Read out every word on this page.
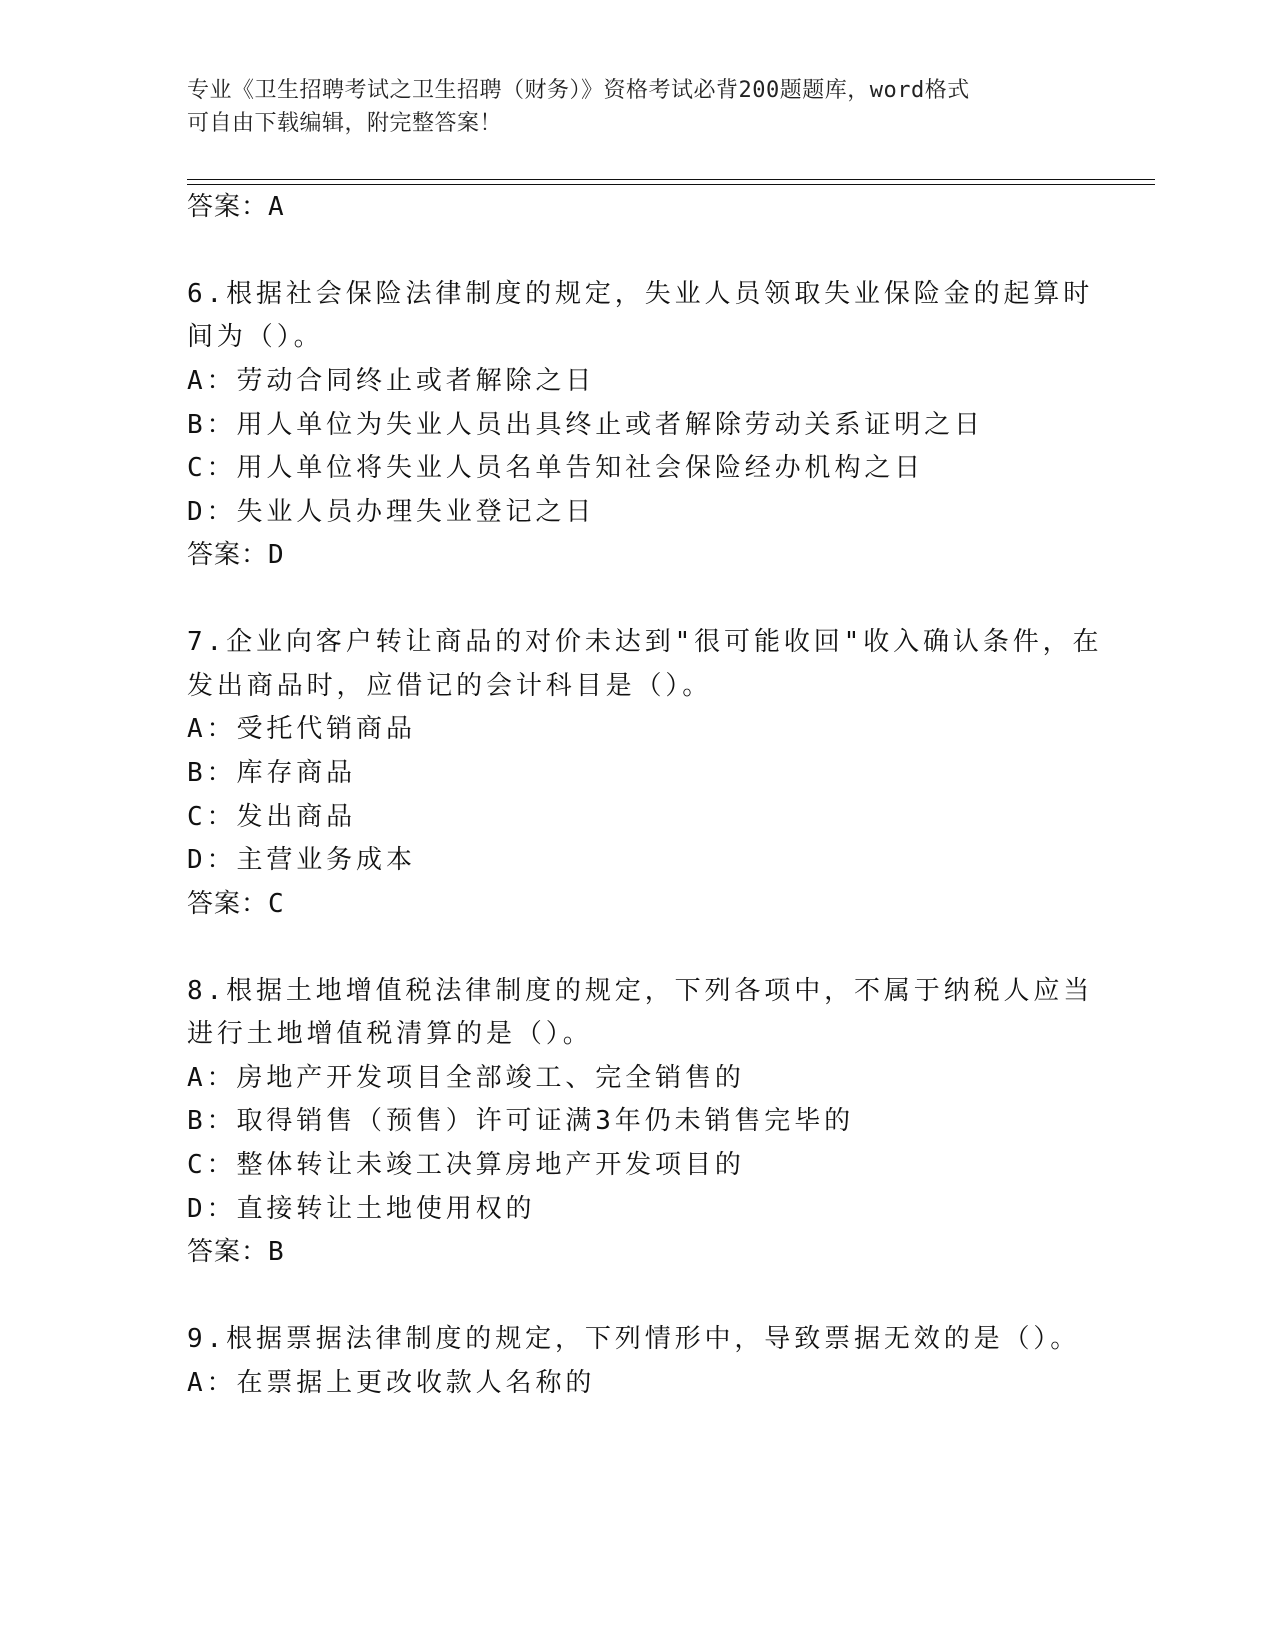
专业《卫生招聘考试之卫生招聘（财务）》资格考试必背200题题库，word格式
可自由下载编辑，附完整答案！
答案：A
6.根据社会保险法律制度的规定，失业人员领取失业保险金的起算时
间为（）。
A：劳动合同终止或者解除之日
B：用人单位为失业人员出具终止或者解除劳动关系证明之日
C：用人单位将失业人员名单告知社会保险经办机构之日
D：失业人员办理失业登记之日
答案：D
7.企业向客户转让商品的对价未达到"很可能收回"收入确认条件，在
发出商品时，应借记的会计科目是（）。
A：受托代销商品
B：库存商品
C：发出商品
D：主营业务成本
答案：C
8.根据土地增值税法律制度的规定，下列各项中，不属于纳税人应当
进行土地增值税清算的是（）。
A：房地产开发项目全部竣工、完全销售的
B：取得销售（预售）许可证满3年仍未销售完毕的
C：整体转让未竣工决算房地产开发项目的
D：直接转让土地使用权的
答案：B
9.根据票据法律制度的规定，下列情形中，导致票据无效的是（）。
A：在票据上更改收款人名称的
